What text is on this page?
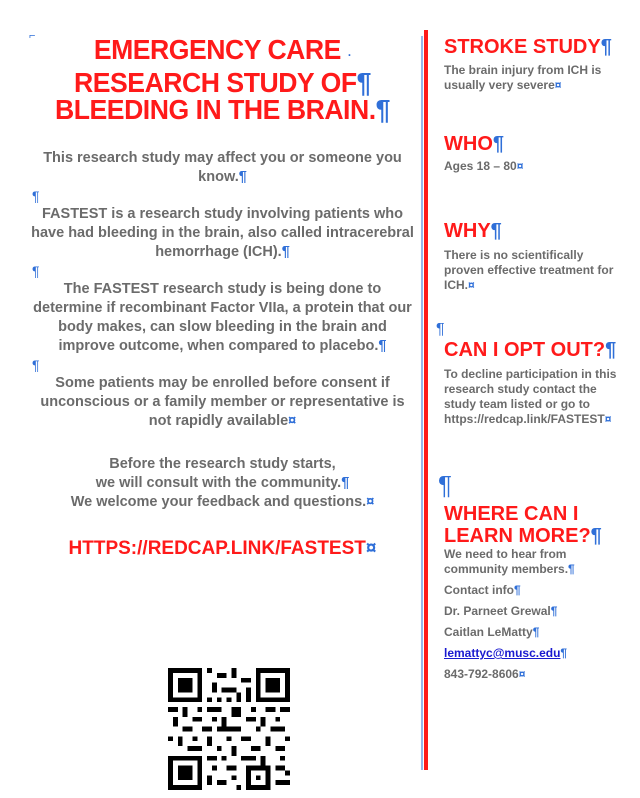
⌐	EMERGENCY CARE ·
RESEARCH STUDY OF¶
BLEEDING IN THE BRAIN.¶

This research study may affect you or someone you know.¶

¶

FASTEST is a research study involving patients who have had bleeding in the brain, also called intracerebral hemorrhage (ICH).¶

¶

The FASTEST research study is being done to determine if recombinant Factor VIIa, a protein that our body makes, can slow bleeding in the brain and improve outcome, when compared to placebo.¶

¶

Some patients may be enrolled before consent if unconscious or a family member or representative is not rapidly available¤

Before the research study starts,
we will consult with the community.¶
We welcome your feedback and questions.¤

HTTPS://REDCAP.LINK/FASTEST¤

STROKE STUDY¶

The brain injury from ICH is usually very severe¤

WHO¶

Ages 18 – 80¤

WHY¶

There is no scientifically proven effective treatment for ICH.¤

¶

CAN I OPT OUT?¶

To decline participation in this research study contact the study team listed or go to https://redcap.link/FASTEST¤

¶

WHERE CAN I
LEARN MORE?¶

We need to hear from community members.¶

Contact info¶

Dr. Parneet Grewal¶

Caitlan LeMatty¶

lemattyc@musc.edu¶

843-792-8606¤
